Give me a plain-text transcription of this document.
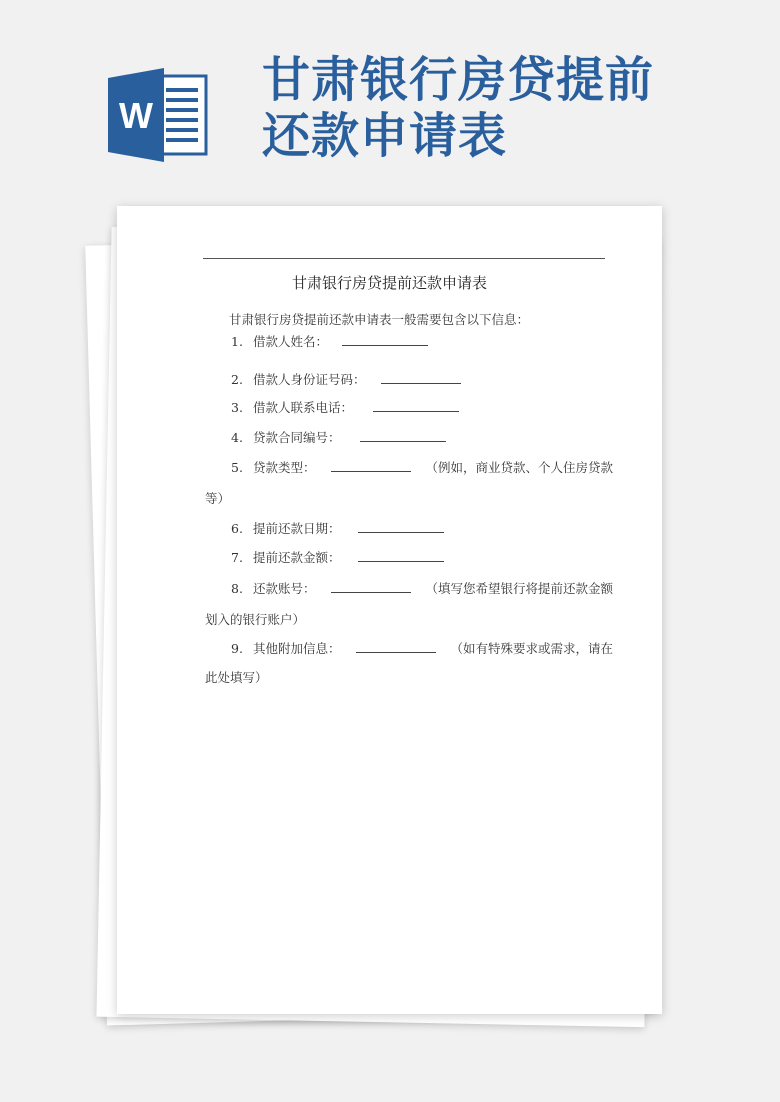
W
甘肃银行房贷提前
还款申请表
甘肃银行房贷提前还款申请表
甘肃银行房贷提前还款申请表一般需要包含以下信息：
1. 借款人姓名：
2. 借款人身份证号码：
3. 借款人联系电话：
4. 贷款合同编号：
5. 贷款类型：	（例如，商业贷款、个人住房贷款
等）
6. 提前还款日期：
7. 提前还款金额：
8. 还款账号：	（填写您希望银行将提前还款金额
划入的银行账户）
9. 其他附加信息：	（如有特殊要求或需求，请在
此处填写）
